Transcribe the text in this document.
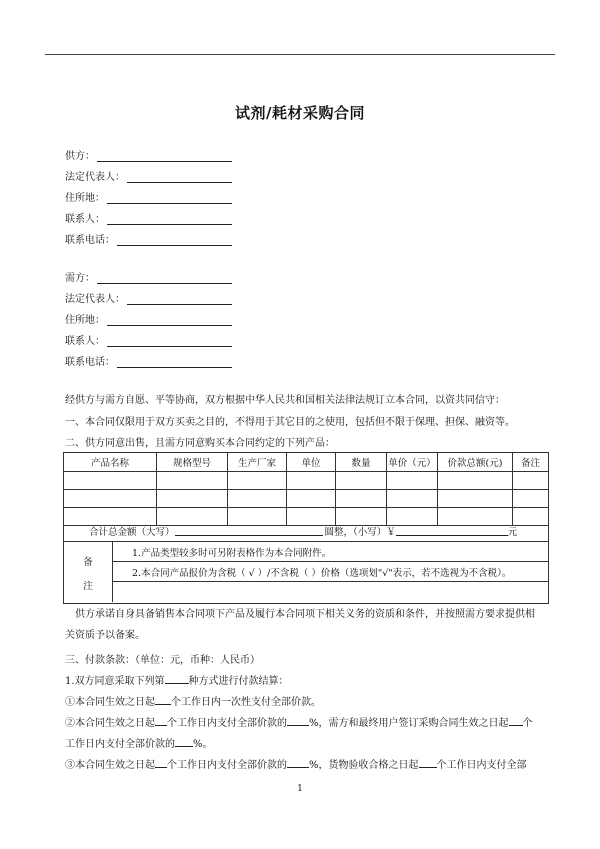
试剂/耗材采购合同
供方：
法定代表人：
住所地：
联系人：
联系电话：
需方：
法定代表人：
住所地：
联系人：
联系电话：
经供方与需方自愿、平等协商，双方根据中华人民共和国相关法律法规订立本合同，以资共同信守：
一、本合同仅限用于双方买卖之目的，不得用于其它目的之使用，包括但不限于保理、担保、融资等。
二、供方同意出售，且需方同意购买本合同约定的下列产品：
产品名称	规格型号	生产厂家	单位	数量	单价（元）	价款总额(元)	备注

合计总金额（大写）	圆整，（小写）￥	元
备
注
1.产品类型较多时可另附表格作为本合同附件。
2.本合同产品报价为含税（ √ ）/不含税（ ）价格（选项划"√"表示，若不选视为不含税）。
供方承诺自身具备销售本合同项下产品及履行本合同项下相关义务的资质和条件，并按照需方要求提供相
关资质予以备案。
三、付款条款：（单位：元，币种：人民币）
1.双方同意采取下列第 种方式进行付款结算：
①本合同生效之日起 个工作日内一次性支付全部价款。
②本合同生效之日起 个工作日内支付全部价款的 %，需方和最终用户签订采购合同生效之日起 个
工作日内支付全部价款的 %。
③本合同生效之日起 个工作日内支付全部价款的 %，货物验收合格之日起 个工作日内支付全部
1
